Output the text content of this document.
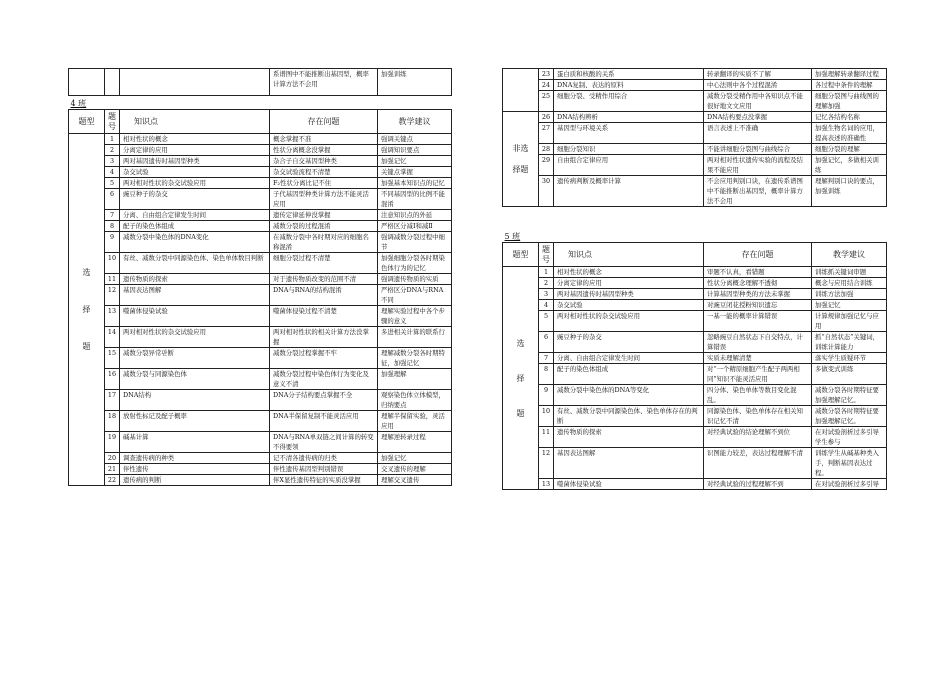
			系谱图中不能推断出基因型，概率计算方法不会用	加强训练
4 班
题型	题号	知识点	存在问题	教学建议

选
择
题	1	相对性状的概念	概念掌握不准	强调关键点
	2	分离定律的应用	性状分离概念没掌握	强调知识要点
	3	两对基因遗传时基因型种类	杂合子自交基因型种类	加强记忆
	4	杂交试验	杂交试验流程不清楚	关键点掌握
	5	两对相对性状的杂交试验应用	F₂性状分离比记不住	加强基本知识点的记忆
	6	豌豆种子的杂交	子代基因型种类计算方法不能灵活应用	不同基因型的比例不能混淆
	7	分离、自由组合定律发生时间	遗传定律延伸没掌握	注意知识点的外延
	8	配子的染色体组成	减数分裂的过程混淆	严格区分减Ⅰ和减Ⅱ
	9	减数分裂中染色体的DNA变化	在减数分裂中各时期对应的细胞名称混淆	强调减数分裂过程中细节
	10	有丝、减数分裂中同源染色体、染色单体数目判断	细胞分裂过程不清楚	加强细胞分裂各时期染色体行为的记忆
	11	遗传物质的探索	对于遗传物质改变的范围不清	强调遗传物质的实质
	12	基因表达图解	DNA与RNA的结构混淆	严格区分DNA与RNA不同
	13	噬菌体侵染试验	噬菌体侵染过程不清楚	理解实验过程中各个步骤的意义
	14	两对相对性状的杂交试验应用	两对相对性状的相关计算方法没掌握	多进相关计算的联系行
	15	减数分裂异常판断	减数分裂过程掌握不牢	理解减数分裂各时期特征，加强记忆
	16	减数分裂与同源染色体	减数分裂过程中染色体行为变化及意义不清	加强理解
	17	DNA结构	DNA分子结构要点掌握不全	观察染色体立体模型，归纳要点
	18	放射性标记及配子概率	DNA半保留复制不能灵活应用	理解半保留实验，灵活应用
	19	碱基计算	DNA与RNA单双链之间计算的转变不得要领	理解逆转录过程
	20	调查遗传病的种类	记不清各遗传病的归类	加强记忆
	21	伴性遗传	伴性遗传基因型判别错误	交叉遗传的理解
	22	遗传病的判断	伴X显性遗传特征的实质没掌握	理解交叉遗传
	23	蛋白质和核酸的关系	转录翻译的实质不了解	加强理解转录翻译过程
	24	DNA复制、表达的原料	中心法则中各个过程混淆	各过程中条件的理解
	25	细胞分裂、受精作用综合	减数分裂受精作用中各知识点不能很好地文文应用	细胞分裂图与曲线图的理解加强

非选
择题	26	DNA结构辨析	DNA结构要点没掌握	记忆各结构名称
	27	基因型与环境关系	语言表述上不准确	加强生物名词的应用，提高表述的准确性
	28	细胞分裂知识	不能讲细胞分裂图与曲线综合	细胞分裂的理解
	29	自由组合定律应用	两对相对性状遗传实验的流程及结果不能应用	加强记忆，多做相关训练
	30	遗传病判断及概率计算	不会应用判别口诀，在遗传系谱图中不能推断出基因型，概率计算方法不会用	理解判别口诀的要点，加强训练
5 班
题型	题号	知识点	存在问题	教学建议

选
择
题	1	相对性状的概念	审题不认真，看错题	训练抓关键词审题
	2	分离定律的应用	性状分离概念理解不透彻	概念与应用结合训练
	3	两对基因遗传时基因型种类	计算基因型种类的方法未掌握	训练方法加强
	4	杂交试验	对豌豆闭花授粉知识遗忘	加强记忆
	5	两对相对性状的杂交试验应用	一基一能的概率计算错误	计算规律加强记忆与应用
	6	豌豆种子的杂交	忽略豌豆自然状态下自交特点，计算错误	抓“自然状态”关键词，训练计算能力
	7	分离、自由组合定律发生时间	实质未理解清楚	落实学生质疑环节
	8	配子的染色体组成	对“一个精原细胞产生配子两两相同”知识不能灵活应用	多做变式训练
	9	减数分裂中染色体的DNA等变化	四分体、染色单体等数目变化混乱。	减数分裂各时期特征要加强理解记忆。
	10	有丝、减数分裂中同源染色体、染色单体存在的判断	同源染色体、染色单体存在相关知识记忆不清	减数分裂各时期特征要加强理解记忆。
	11	遗传物质的探索	对经典试验的结论理解不到位	在对试验剖析过多引导学生参与
	12	基因表达图解	识图能力较差，表达过程理解不清	训练学生从碱基种类入手，判断基因表达过程。
	13	噬菌体侵染试验	对经典试验的过程理解不到	在对试验剖析过多引导
